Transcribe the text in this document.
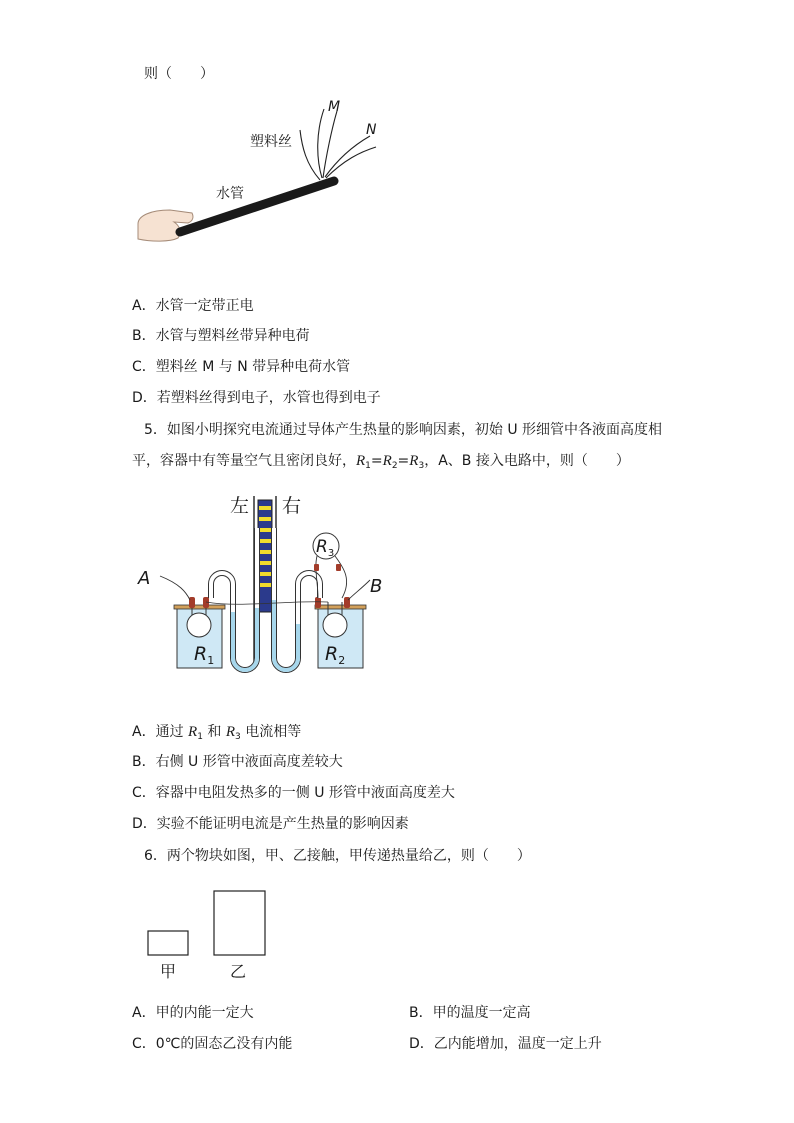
则（　　）
塑料丝
水管
M
N
A．水管一定带正电
B．水管与塑料丝带异种电荷
C．塑料丝 M 与 N 带异种电荷水管
D．若塑料丝得到电子，水管也得到电子
5．如图小明探究电流通过导体产生热量的影响因素，初始 U 形细管中各液面高度相
平，容器中有等量空气且密闭良好，$R_1=R_2=R_3$，A、B 接入电路中，则（　　）
左 右
$R_1$	$R_2$
$R_3$
A	B
A．通过 $R_1$ 和 $R_3$ 电流相等
B．右侧 U 形管中液面高度差较大
C．容器中电阻发热多的一侧 U 形管中液面高度差大
D．实验不能证明电流是产生热量的影响因素
6．两个物块如图，甲、乙接触，甲传递热量给乙，则（　　）
甲	乙
A．甲的内能一定大	B．甲的温度一定高
C．0℃的固态乙没有内能	D．乙内能增加，温度一定上升
